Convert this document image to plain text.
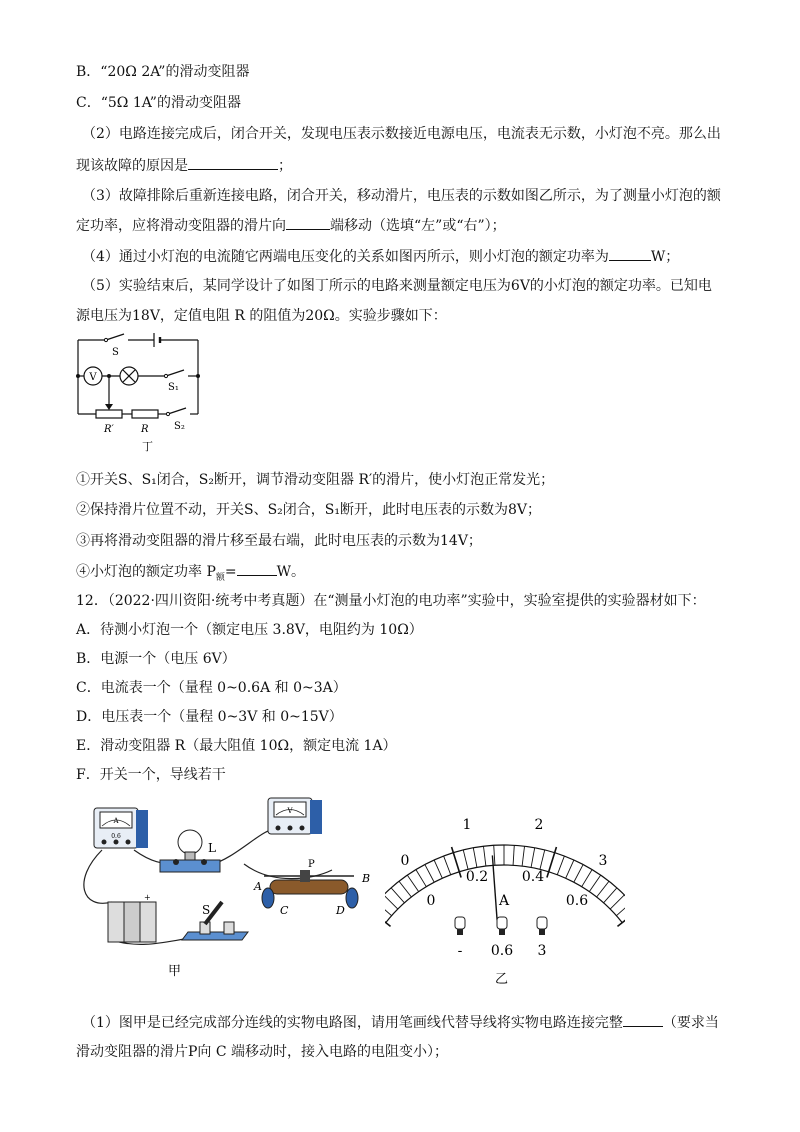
B．“20Ω 2A”的滑动变阻器
C．“5Ω 1A”的滑动变阻器
（2）电路连接完成后，闭合开关，发现电压表示数接近电源电压，电流表无示数，小灯泡不亮。那么出
现该故障的原因是	；
（3）故障排除后重新连接电路，闭合开关，移动滑片，电压表的示数如图乙所示，为了测量小灯泡的额
定功率，应将滑动变阻器的滑片向	端移动（选填“左”或“右”）；
（4）通过小灯泡的电流随它两端电压变化的关系如图丙所示，则小灯泡的额定功率为	W；
（5）实验结束后，某同学设计了如图丁所示的电路来测量额定电压为6V的小灯泡的额定功率。已知电
源电压为18V，定值电阻 R 的阻值为20Ω。实验步骤如下：
V
S
S₁
S₂
R′	R
丁
①开关S、S₁闭合，S₂断开，调节滑动变阻器 R′的滑片，使小灯泡正常发光；
②保持滑片位置不动，开关S、S₂闭合，S₁断开，此时电压表的示数为8V；
③再将滑动变阻器的滑片移至最右端，此时电压表的示数为14V；
④小灯泡的额定功率 $P_额=$	W。
12．（2022·四川资阳·统考中考真题）在“测量小灯泡的电功率”实验中，实验室提供的实验器材如下：
A．待测小灯泡一个（额定电压 3.8V，电阻约为 10Ω）
B．电源一个（电压 6V）
C．电流表一个（量程 0~0.6A 和 0~3A）
D．电压表一个（量程 0~3V 和 0~15V）
E．滑动变阻器 R（最大阻值 10Ω，额定电流 1A）
F．开关一个，导线若干
A
0.6
V
L
P
A
B
C	D
+
S
甲
0
1	2
3
0
0.2 0.4
0.6
A
- 0.6 3
乙
（1）图甲是已经完成部分连线的实物电路图，请用笔画线代替导线将实物电路连接完整	（要求当
滑动变阻器的滑片P向 C 端移动时，接入电路的电阻变小）；
